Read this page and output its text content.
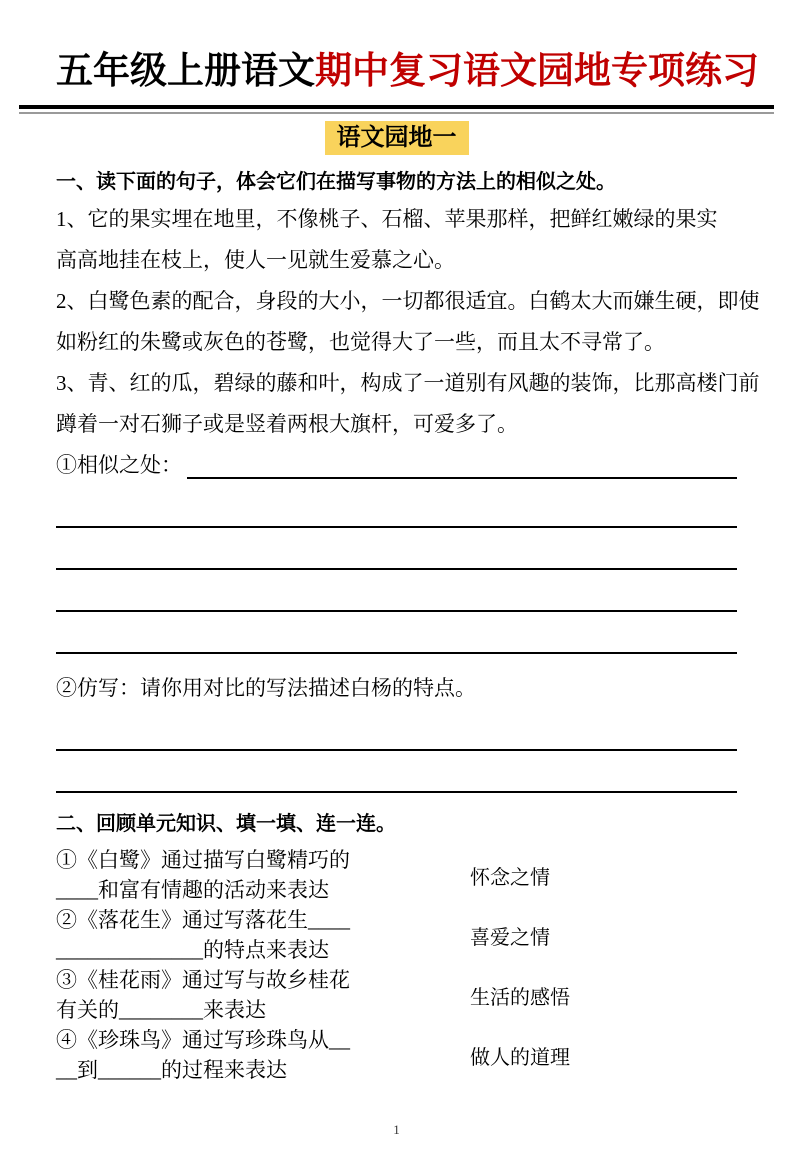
五年级上册语文期中复习语文园地专项练习
语文园地一
一、读下面的句子，体会它们在描写事物的方法上的相似之处。
1、它的果实埋在地里，不像桃子、石榴、苹果那样，把鲜红嫩绿的果实
高高地挂在枝上，使人一见就生爱慕之心。
2、白鹭色素的配合，身段的大小，一切都很适宜。白鹤太大而嫌生硬，即使
如粉红的朱鹭或灰色的苍鹭，也觉得大了一些，而且太不寻常了。
3、青、红的瓜，碧绿的藤和叶，构成了一道别有风趣的装饰，比那高楼门前
蹲着一对石狮子或是竖着两根大旗杆，可爱多了。
①相似之处：
②仿写：请你用对比的写法描述白杨的特点。
二、回顾单元知识、填一填、连一连。
①《白鹭》通过描写白鹭精巧的
____和富有情趣的活动来表达
②《落花生》通过写落花生____
______________的特点来表达
③《桂花雨》通过写与故乡桂花
有关的________来表达
④《珍珠鸟》通过写珍珠鸟从__
__到______的过程来表达
怀念之情
喜爱之情
生活的感悟
做人的道理
1
